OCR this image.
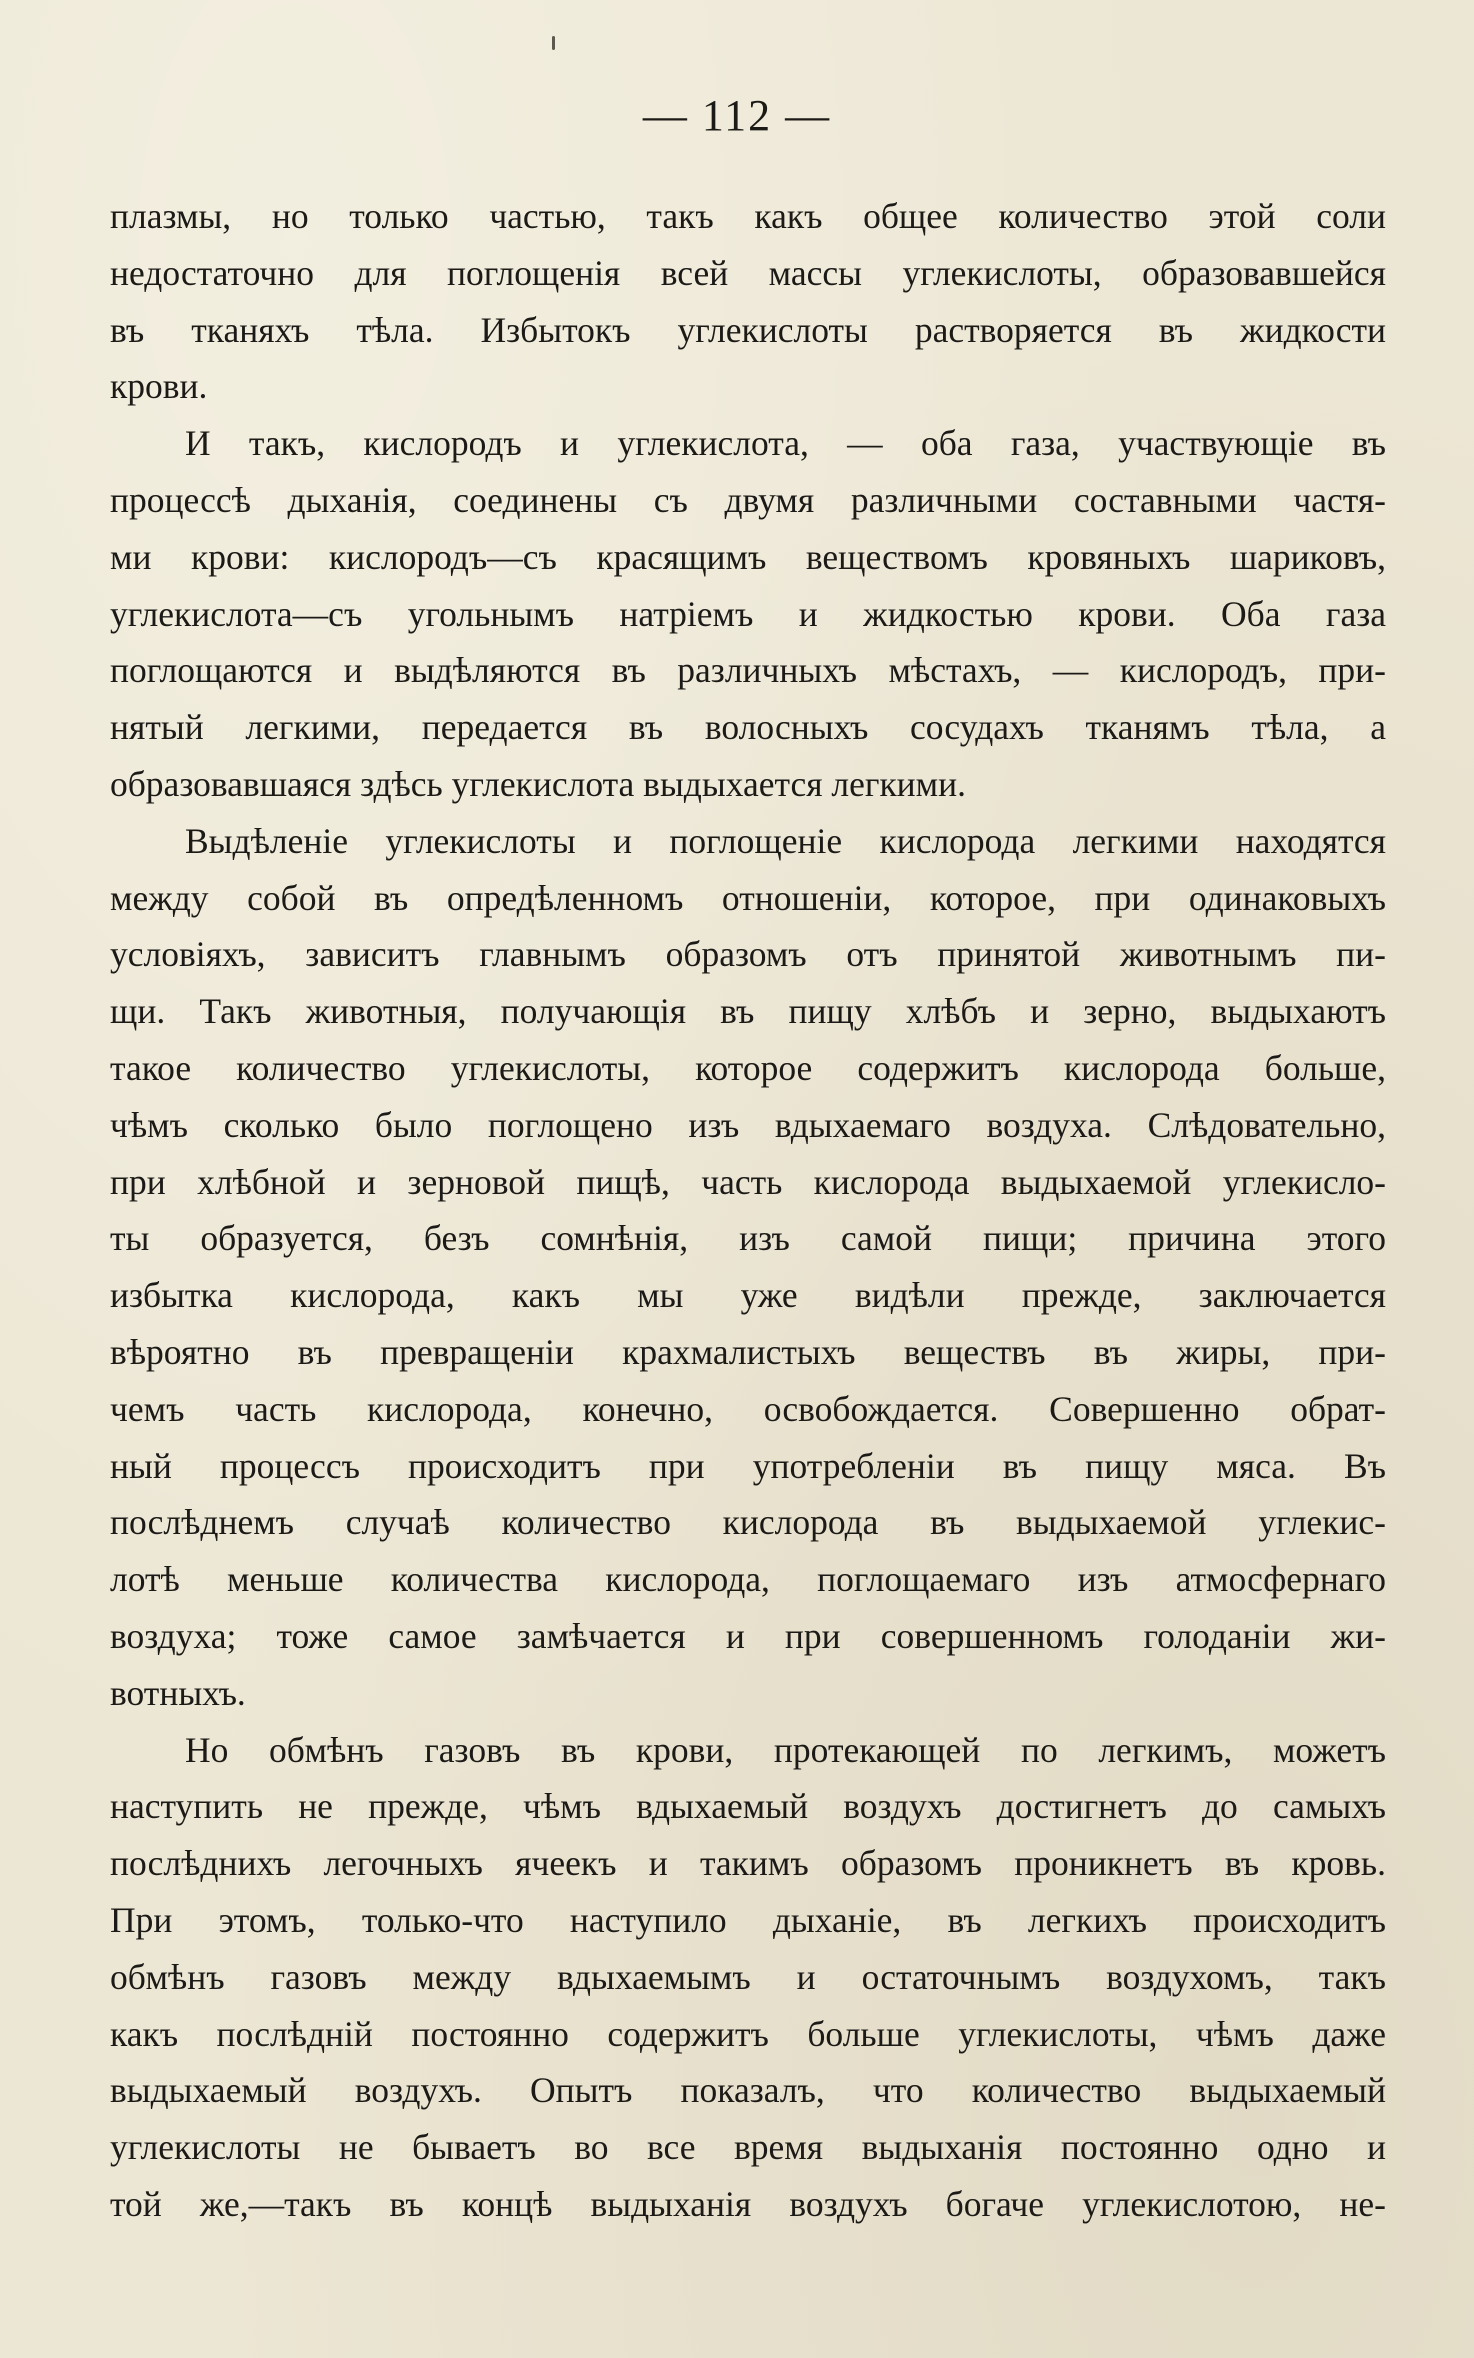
— 112 —
плазмы, но только частью, такъ какъ общее количество этой соли
недостаточно для поглощенія всей массы углекислоты, образовавшейся
въ тканяхъ тѣла. Избытокъ углекислоты растворяется въ жидкости
крови.
И такъ, кислородъ и углекислота, — оба газа, участвующіе въ
процессѣ дыханія, соединены съ двумя различными составными частя-
ми крови: кислородъ—съ красящимъ веществомъ кровяныхъ шариковъ,
углекислота—съ угольнымъ натріемъ и жидкостью крови. Оба газа
поглощаются и выдѣляются въ различныхъ мѣстахъ, — кислородъ, при-
нятый легкими, передается въ волосныхъ сосудахъ тканямъ тѣла, а
образовавшаяся здѣсь углекислота выдыхается легкими.
Выдѣленіе углекислоты и поглощеніе кислорода легкими находятся
между собой въ опредѣленномъ отношеніи, которое, при одинаковыхъ
условіяхъ, зависитъ главнымъ образомъ отъ принятой животнымъ пи-
щи. Такъ животныя, получающія въ пищу хлѣбъ и зерно, выдыхаютъ
такое количество углекислоты, которое содержитъ кислорода больше,
чѣмъ сколько было поглощено изъ вдыхаемаго воздуха. Слѣдовательно,
при хлѣбной и зерновой пищѣ, часть кислорода выдыхаемой углекисло-
ты образуется, безъ сомнѣнія, изъ самой пищи; причина этого
избытка кислорода, какъ мы уже видѣли прежде, заключается
вѣроятно въ превращеніи крахмалистыхъ веществъ въ жиры, при-
чемъ часть кислорода, конечно, освобождается. Совершенно обрат-
ный процессъ происходитъ при употребленіи въ пищу мяса. Въ
послѣднемъ случаѣ количество кислорода въ выдыхаемой углекис-
лотѣ меньше количества кислорода, поглощаемаго изъ атмосфернаго
воздуха; тоже самое замѣчается и при совершенномъ голоданіи жи-
вотныхъ.
Но обмѣнъ газовъ въ крови, протекающей по легкимъ, можетъ
наступить не прежде, чѣмъ вдыхаемый воздухъ достигнетъ до самыхъ
послѣднихъ легочныхъ ячеекъ и такимъ образомъ проникнетъ въ кровь.
При этомъ, только-что наступило дыханіе, въ легкихъ происходитъ
обмѣнъ газовъ между вдыхаемымъ и остаточнымъ воздухомъ, такъ
какъ послѣдній постоянно содержитъ больше углекислоты, чѣмъ даже
выдыхаемый воздухъ. Опытъ показалъ, что количество выдыхаемый
углекислоты не бываетъ во все время выдыханія постоянно одно и
той же,—такъ въ концѣ выдыханія воздухъ богаче углекислотою, не-
